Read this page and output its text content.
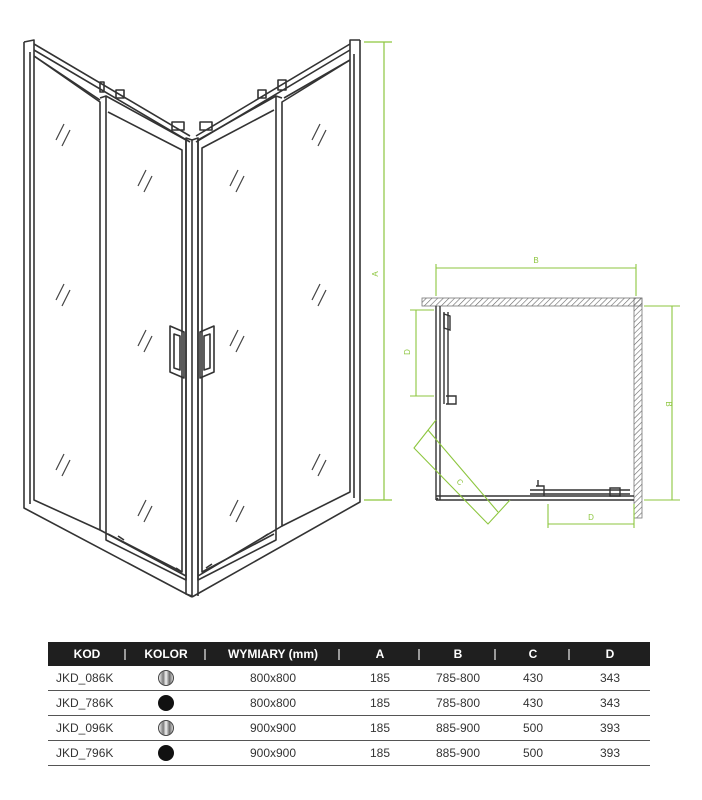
A
B
B
D
D
C
KOD	KOLOR	WYMIARY (mm)	A	B	C	D
JKD_086K		800x800	185	785-800	430	343
JKD_786K		800x800	185	785-800	430	343
JKD_096K		900x900	185	885-900	500	393
JKD_796K		900x900	185	885-900	500	393
